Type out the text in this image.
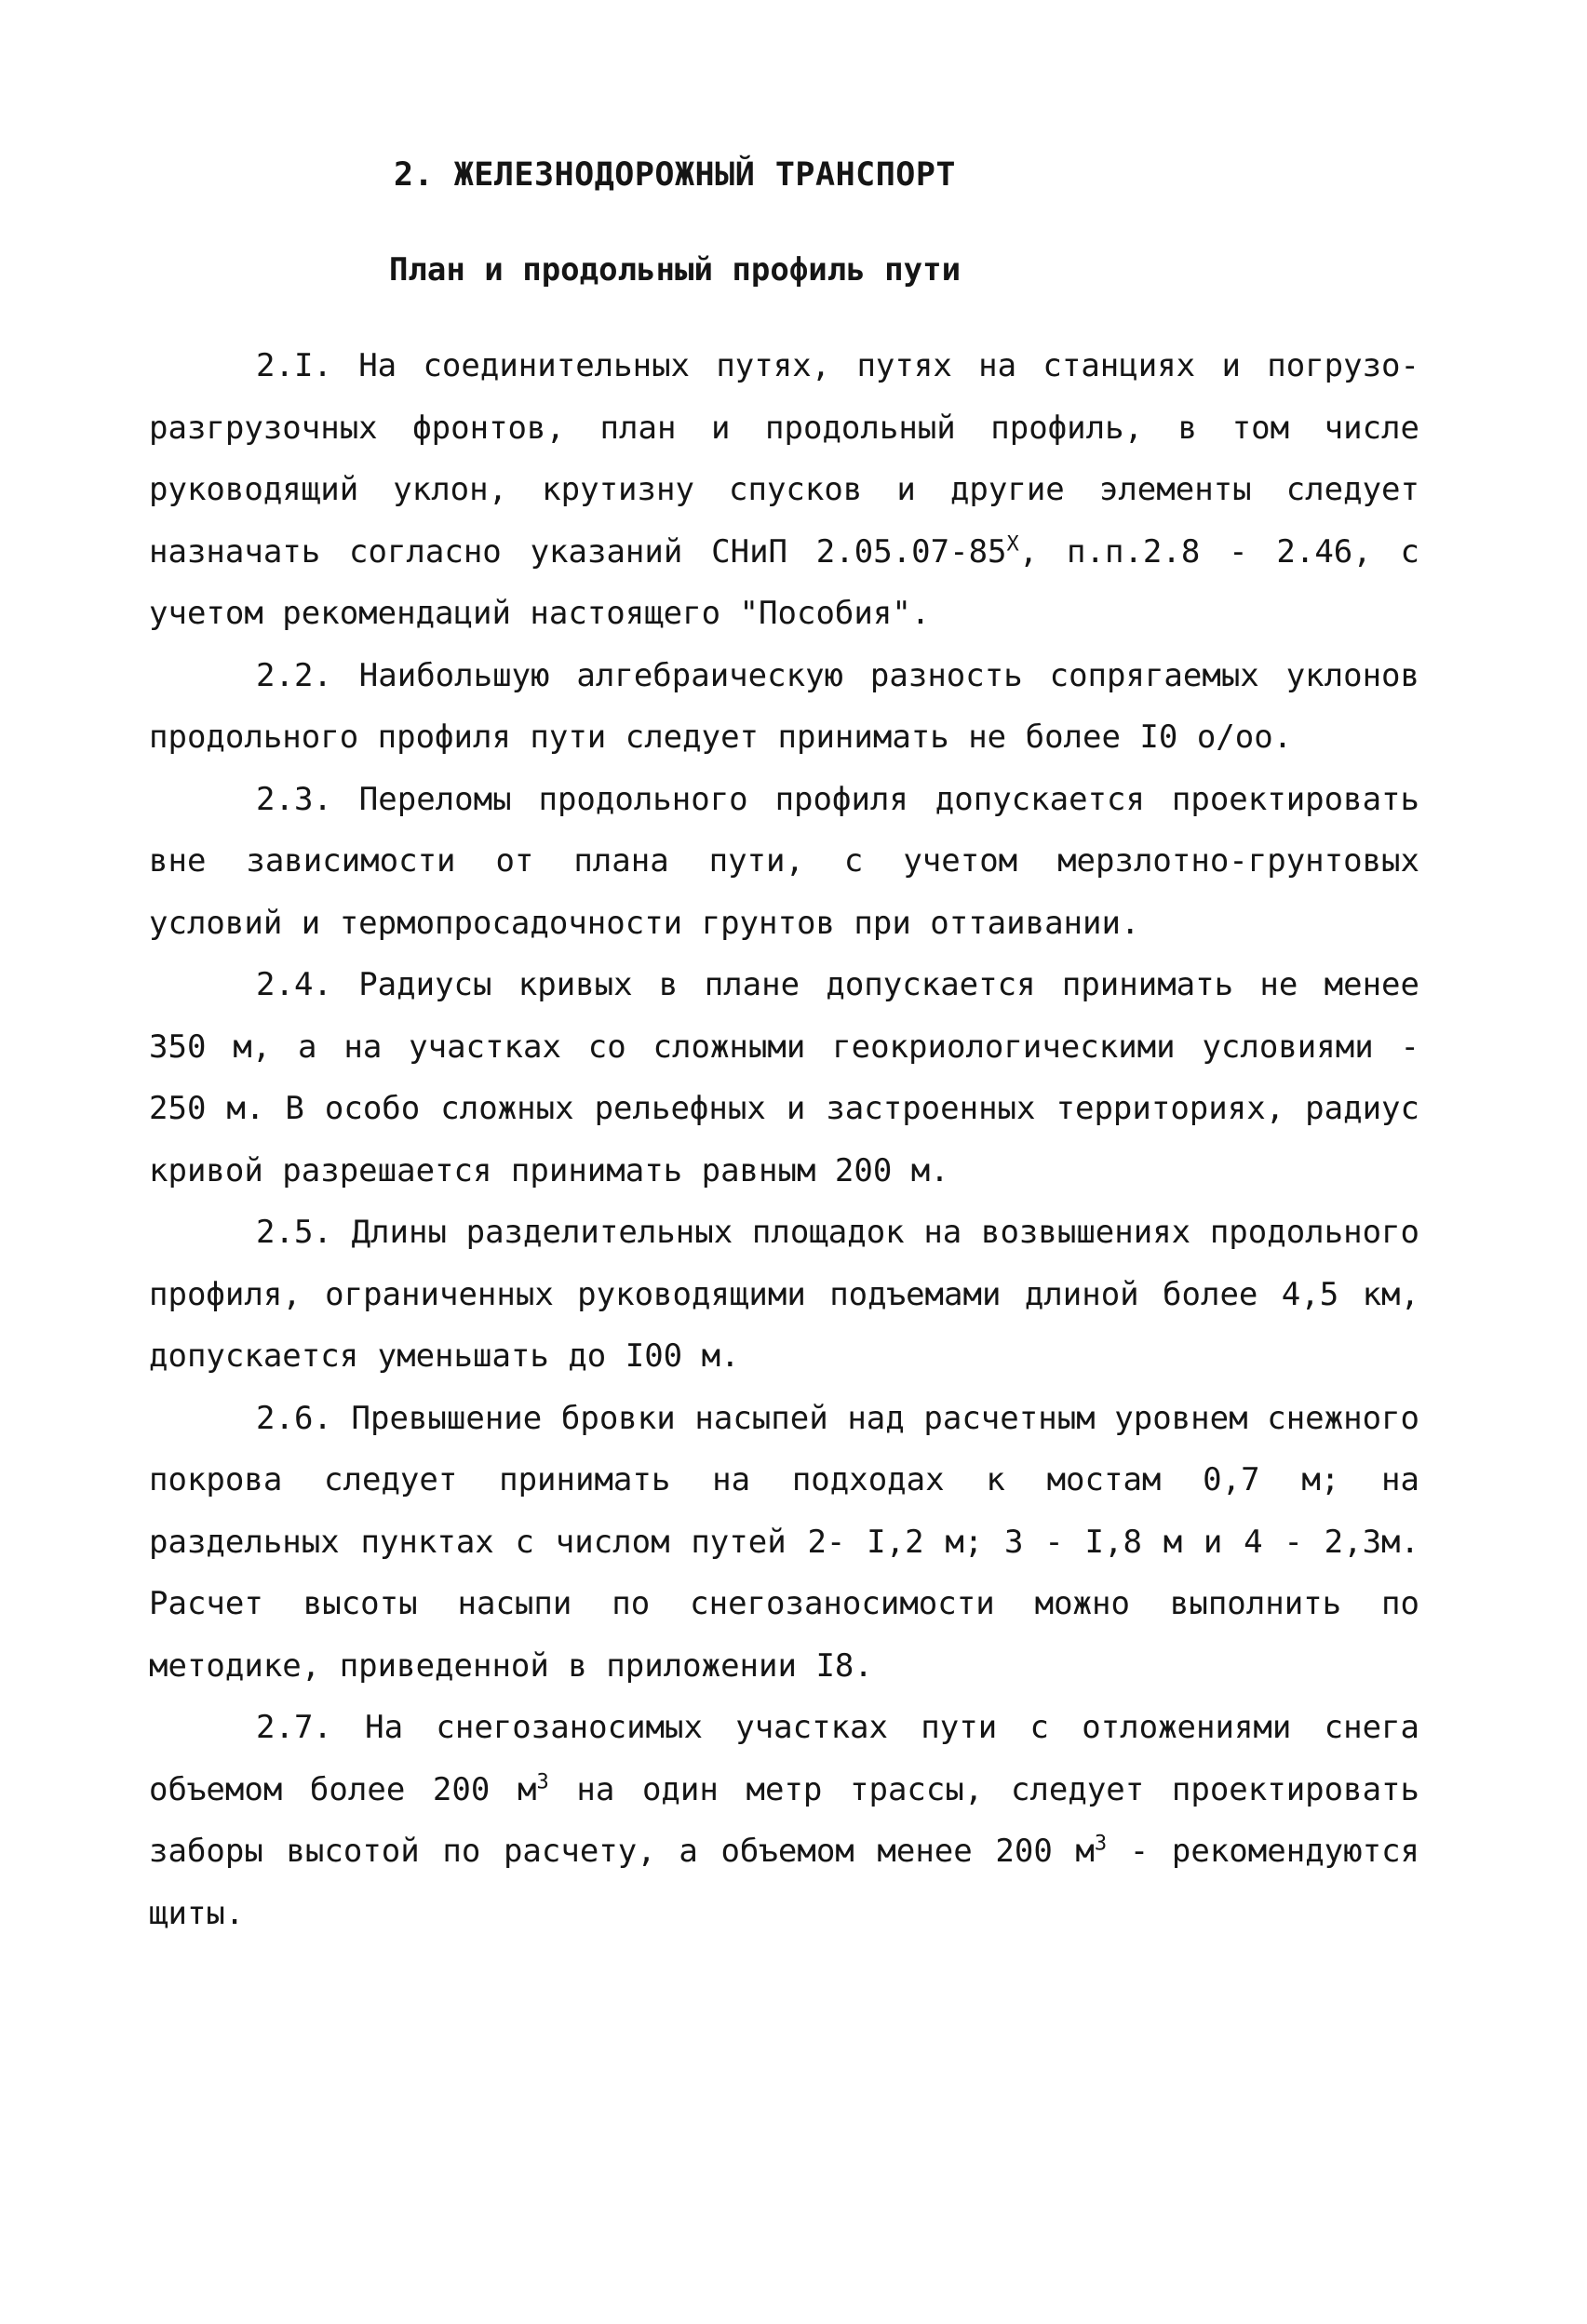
2. ЖЕЛЕЗНОДОРОЖНЫЙ ТРАНСПОРТ
План и продольный профиль пути

2.I. На соединительных путях, путях на станциях и погрузо-разгрузочных фронтов, план и продольный профиль, в том числе руководящий уклон, крутизну спусков и другие элементы следует назначать согласно указаний СНиП $2.05.07-85^Х$, п.п.2.8 - 2.46, с учетом рекомендаций настоящего "Пособия".

2.2. Наибольшую алгебраическую разность сопрягаемых уклонов продольного профиля пути следует принимать не более I0 о/оо.

2.3. Переломы продольного профиля допускается проектировать вне зависимости от плана пути, с учетом мерзлотно-грунтовых условий и термопросадочности грунтов при оттаивании.

2.4. Радиусы кривых в плане допускается принимать не менее 350 м, а на участках со сложными геокриологическими условиями - 250 м. В особо сложных рельефных и застроенных территориях, радиус кривой разрешается принимать равным 200 м.

2.5. Длины разделительных площадок на возвышениях продольного профиля, ограниченных руководящими подъемами длиной более 4,5 км, допускается уменьшать до I00 м.

2.6. Превышение бровки насыпей над расчетным уровнем снежного покрова следует принимать на подходах к мостам 0,7 м; на раздельных пунктах с числом путей 2- I,2 м; 3 - I,8 м и 4 - 2,3м. Расчет высоты насыпи по снегозаносимости можно выполнить по методике, приведенной в приложении I8.

2.7. На снегозаносимых участках пути с отложениями снега объемом более 200 $м^3$ на один метр трассы, следует проектировать заборы высотой по расчету, а объемом менее 200 $м^3$ - рекомендуются щиты.
